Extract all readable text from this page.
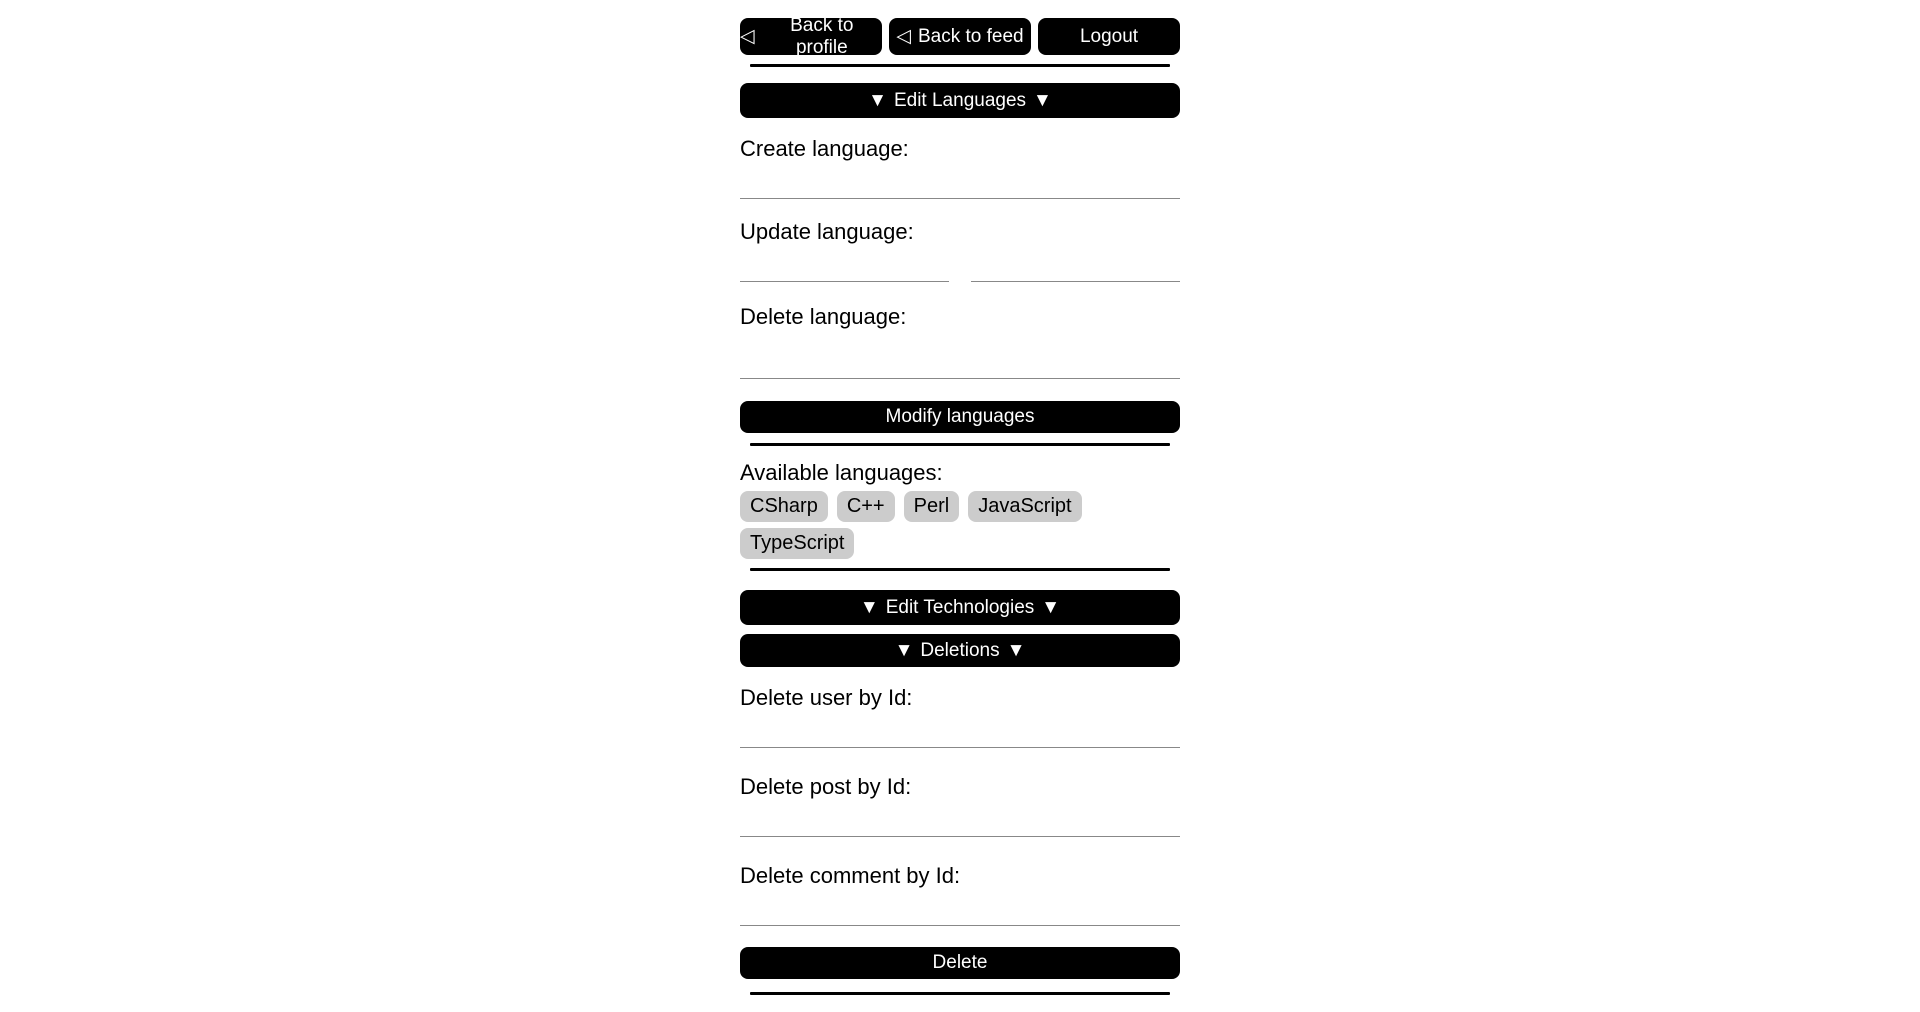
◁
Back to profile	◁ Back to feed	Logout
▼ Edit Languages ▼

Create language:

Update language:

Delete language:

Modify languages

Available languages:

CSharp	C++	Perl	JavaScript
TypeScript
▼ Edit Technologies ▼
▼ Deletions ▼

Delete user by Id:

Delete post by Id:

Delete comment by Id:

Delete
